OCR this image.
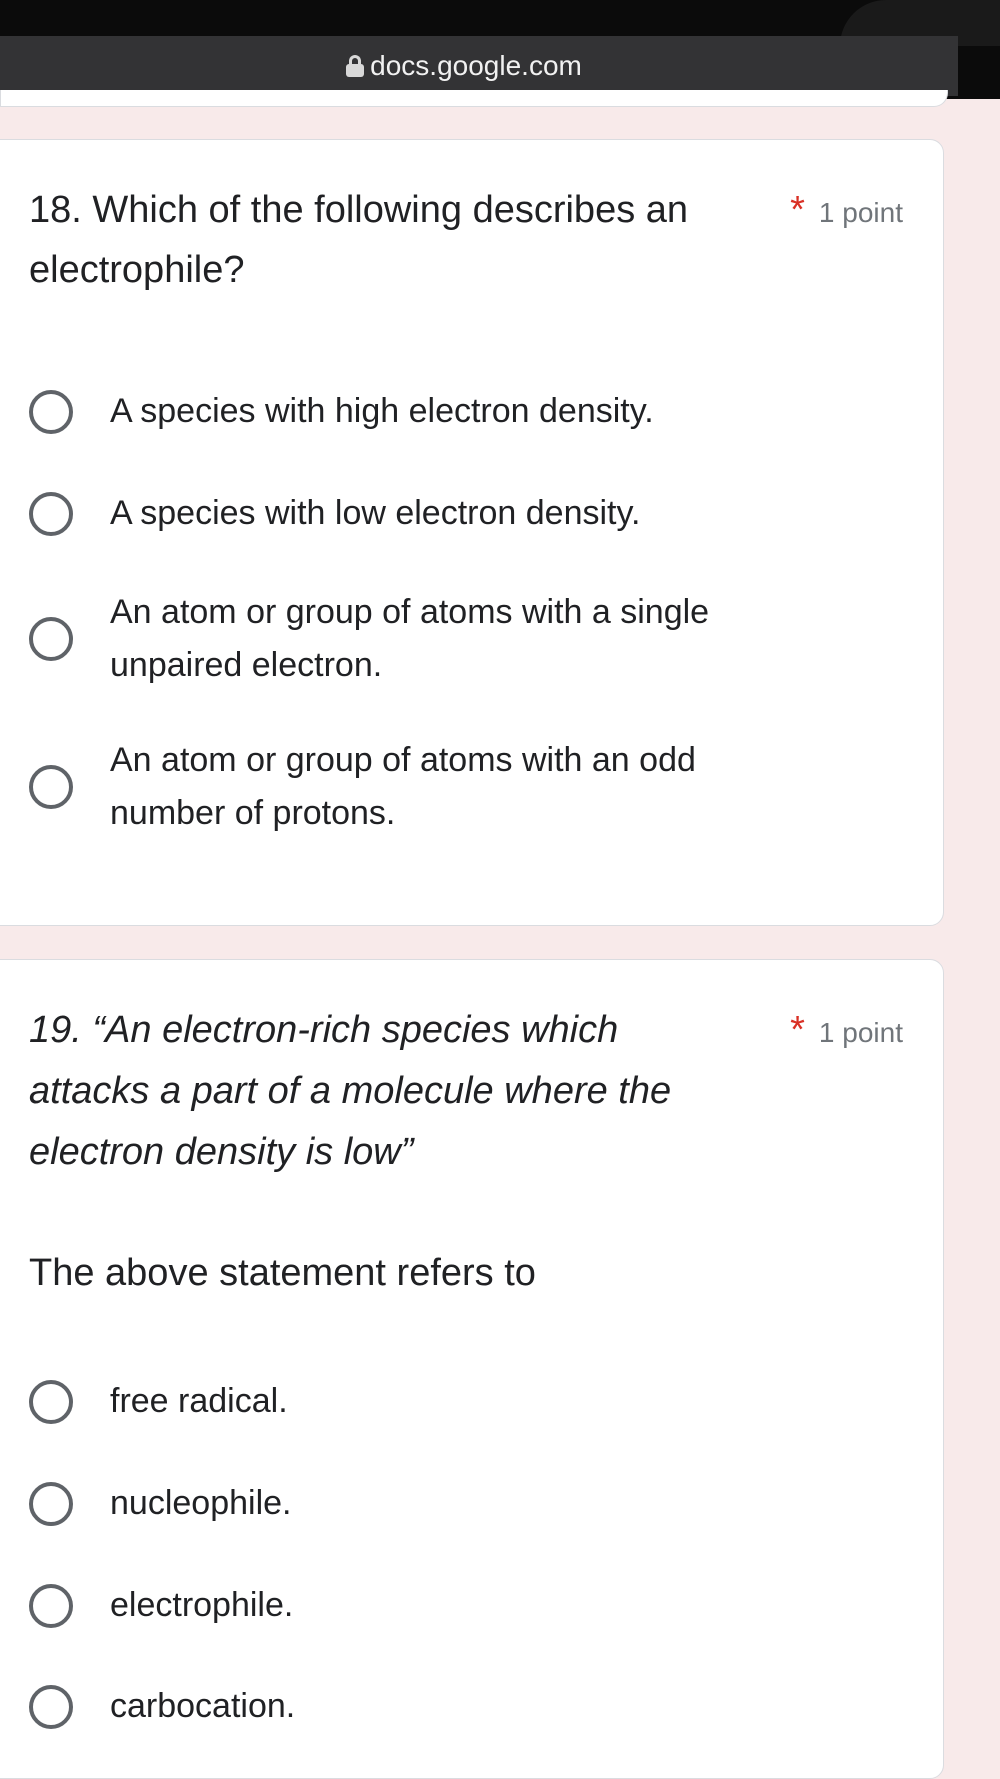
docs.google.com
18. Which of the following describes an electrophile?
* 1 point
A species with high electron density.
A species with low electron density.
An atom or group of atoms with a single unpaired electron.
An atom or group of atoms with an odd number of protons.
19. “An electron-rich species which attacks a part of a molecule where the electron density is low”
* 1 point
The above statement refers to
free radical.
nucleophile.
electrophile.
carbocation.
